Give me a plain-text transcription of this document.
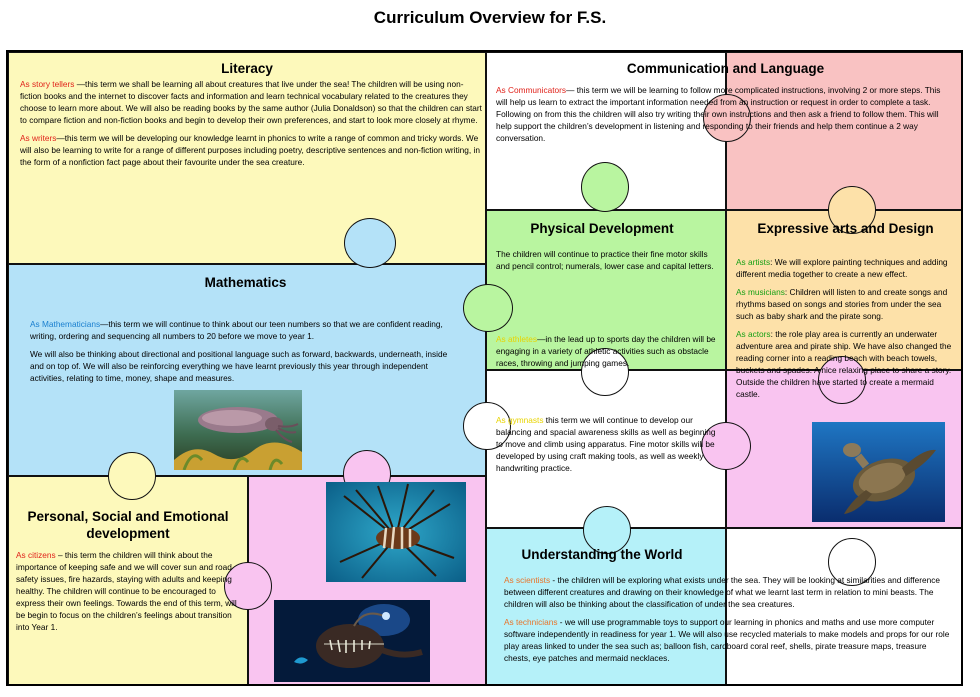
Curriculum Overview for F.S.
Literacy

As story tellers —this term we shall be learning all about creatures that live under the sea! The children will be using non-fiction books and the internet to discover facts and information and learn technical vocabulary related to the creatures they choose to learn more about. We will also be reading books by the same author (Julia Donaldson) so that the children can start to compare fiction and non-fiction books and begin to develop their own preferences, and start to look more closely at rhyme.

As writers—this term we will be developing our knowledge learnt in phonics to write a range of common and tricky words. We will also be learning to write for a range of different purposes including poetry, descriptive sentences and non-fiction writing, in the form of a nonfiction fact page about their favourite under the sea creature.

Communication and Language

As Communicators— this term we will be learning to follow more complicated instructions, involving 2 or more steps. This will help us learn to extract the important information needed from an instruction or request in order to complete a task. Following on from this the children will also try writing their own instructions and then ask a friend to follow them. This will help support the children’s development in listening and responding to their friends and help them continue a 2 way conversation.

Physical Development

The children will continue to practice their fine motor skills and pencil control; numerals, lower case and capital letters.

As athletes—in the lead up to sports day the children will be engaging in a variety of athletic activities such as obstacle races, throwing and jumping games.

As gymnasts this term we will continue to develop our balancing and spacial awareness skills as well as beginning to move and climb using apparatus. Fine motor skills will be developed by using craft making tools, as well as weekly handwriting practice.

Expressive arts and Design

As artists: We will explore painting techniques and adding different media together to create a new effect.

As musicians: Children will listen to and create songs and rhythms based on songs and stories from under the sea such as baby shark and the pirate song.

As actors: the role play area is currently an underwater adventure area and pirate ship. We have also changed the reading corner into a reading beach with beach towels, buckets and spades. A nice relaxing place to share a story. Outside the children have started to create a mermaid castle.

Mathematics

As Mathematicians—this term we will continue to think about our teen numbers so that we are confident reading, writing, ordering and sequencing all numbers to 20 before we move to year 1.

We will also be thinking about directional and positional language such as forward, backwards, underneath, inside and on top of. We will also be reinforcing everything we have learnt previously this year through independent activities, relating to time, money, shape and measures.

Personal, Social and Emotional development

As citizens – this term the children will think about the importance of keeping safe and we will cover sun and road safety issues, fire hazards, staying with adults and keeping healthy. The children will continue to be encouraged to express their own feelings. Towards the end of this term, will be begin to focus on the children’s feelings about transition into Year 1.

Understanding the World

As scientists - the children will be exploring what exists under the sea. They will be looking at similarities and difference between different creatures and drawing on their knowledge of what we learnt last term in relation to mini beasts. The children will also be thinking about the classification of under the sea creatures.

As technicians - we will use programmable toys to support our learning in phonics and maths and use more computer software independently in readiness for year 1. We will also use recycled materials to make models and props for our role play areas linked to under the sea such as; balloon fish, cardboard coral reef, shells, pirate treasure maps, treasure chests, eye patches and mermaid necklaces.
